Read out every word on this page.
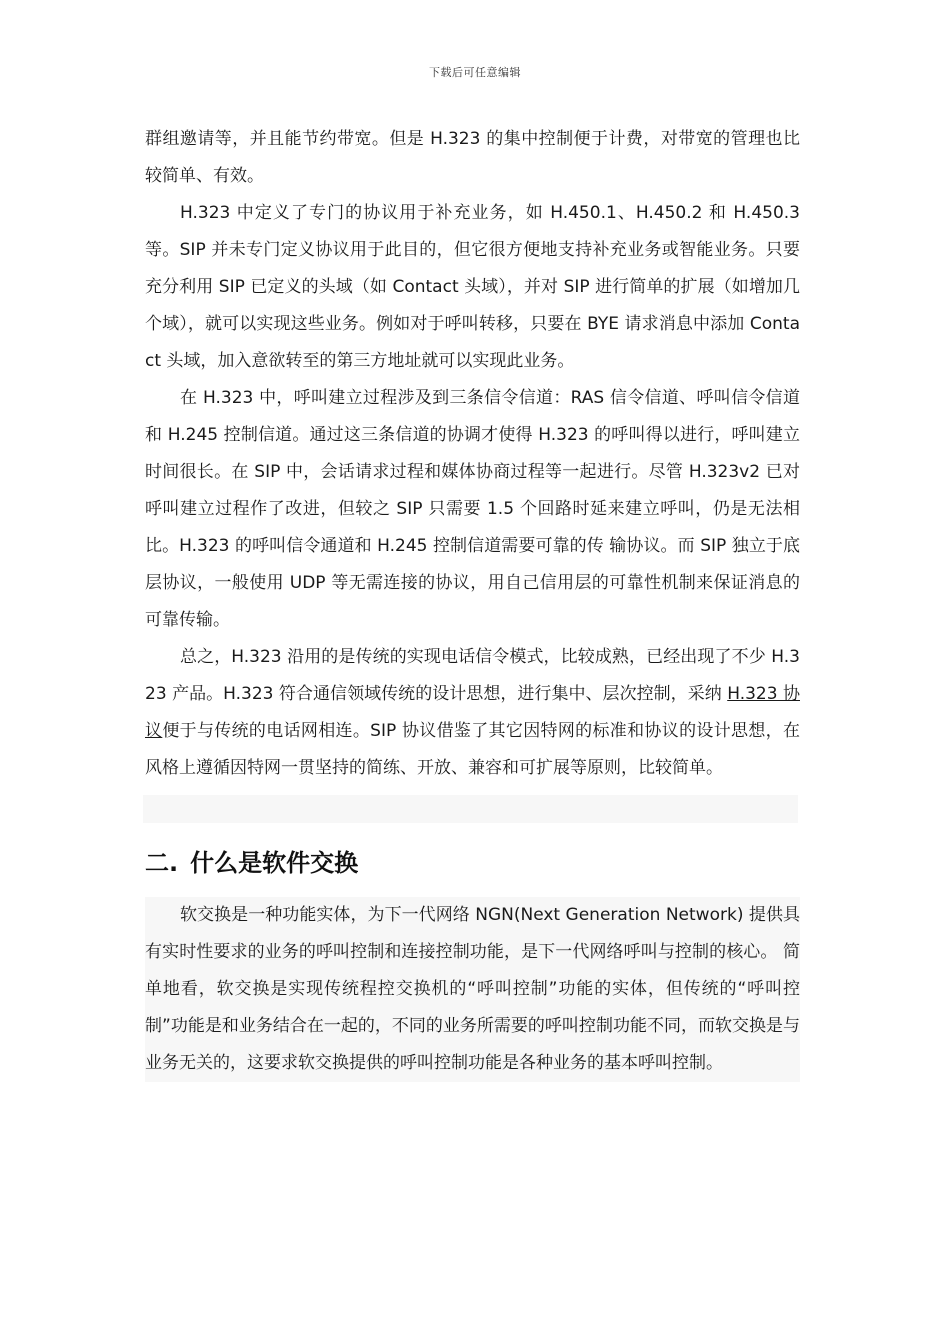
下载后可任意编辑

群组邀请等，并且能节约带宽。但是 H.323 的集中控制便于计费，对带宽的管理也比较简单、有效。

H.323 中定义了专门的协议用于补充业务，如 H.450.1、H.450.2 和 H.450.3 等。SIP 并未专门定义协议用于此目的，但它很方便地支持补充业务或智能业务。只要充分利用 SIP 已定义的头域（如 Contact 头域），并对 SIP 进行简单的扩展（如增加几个域），就可以实现这些业务。例如对于呼叫转移，只要在 BYE 请求消息中添加 Contact 头域，加入意欲转至的第三方地址就可以实现此业务。

在 H.323 中，呼叫建立过程涉及到三条信令信道：RAS 信令信道、呼叫信令信道和 H.245 控制信道。通过这三条信道的协调才使得 H.323 的呼叫得以进行，呼叫建立时间很长。在 SIP 中，会话请求过程和媒体协商过程等一起进行。尽管 H.323v2 已对呼叫建立过程作了改进，但较之 SIP 只需要 1.5 个回路时延来建立呼叫，仍是无法相比。H.323 的呼叫信令通道和 H.245 控制信道需要可靠的传 输协议。而 SIP 独立于底层协议，一般使用 UDP 等无需连接的协议，用自己信用层的可靠性机制来保证消息的可靠传输。

总之，H.323 沿用的是传统的实现电话信令模式，比较成熟，已经出现了不少 H.323 产品。H.323 符合通信领域传统的设计思想，进行集中、层次控制，采纳 H.323 协议便于与传统的电话网相连。SIP 协议借鉴了其它因特网的标准和协议的设计思想，在风格上遵循因特网一贯坚持的简练、开放、兼容和可扩展等原则，比较简单。

二. 什么是软件交换

软交换是一种功能实体，为下一代网络 NGN(Next Generation Network) 提供具有实时性要求的业务的呼叫控制和连接控制功能，是下一代网络呼叫与控制的核心。 简单地看，软交换是实现传统程控交换机的“呼叫控制”功能的实体，但传统的“呼叫控制”功能是和业务结合在一起的，不同的业务所需要的呼叫控制功能不同，而软交换是与业务无关的，这要求软交换提供的呼叫控制功能是各种业务的基本呼叫控制。
